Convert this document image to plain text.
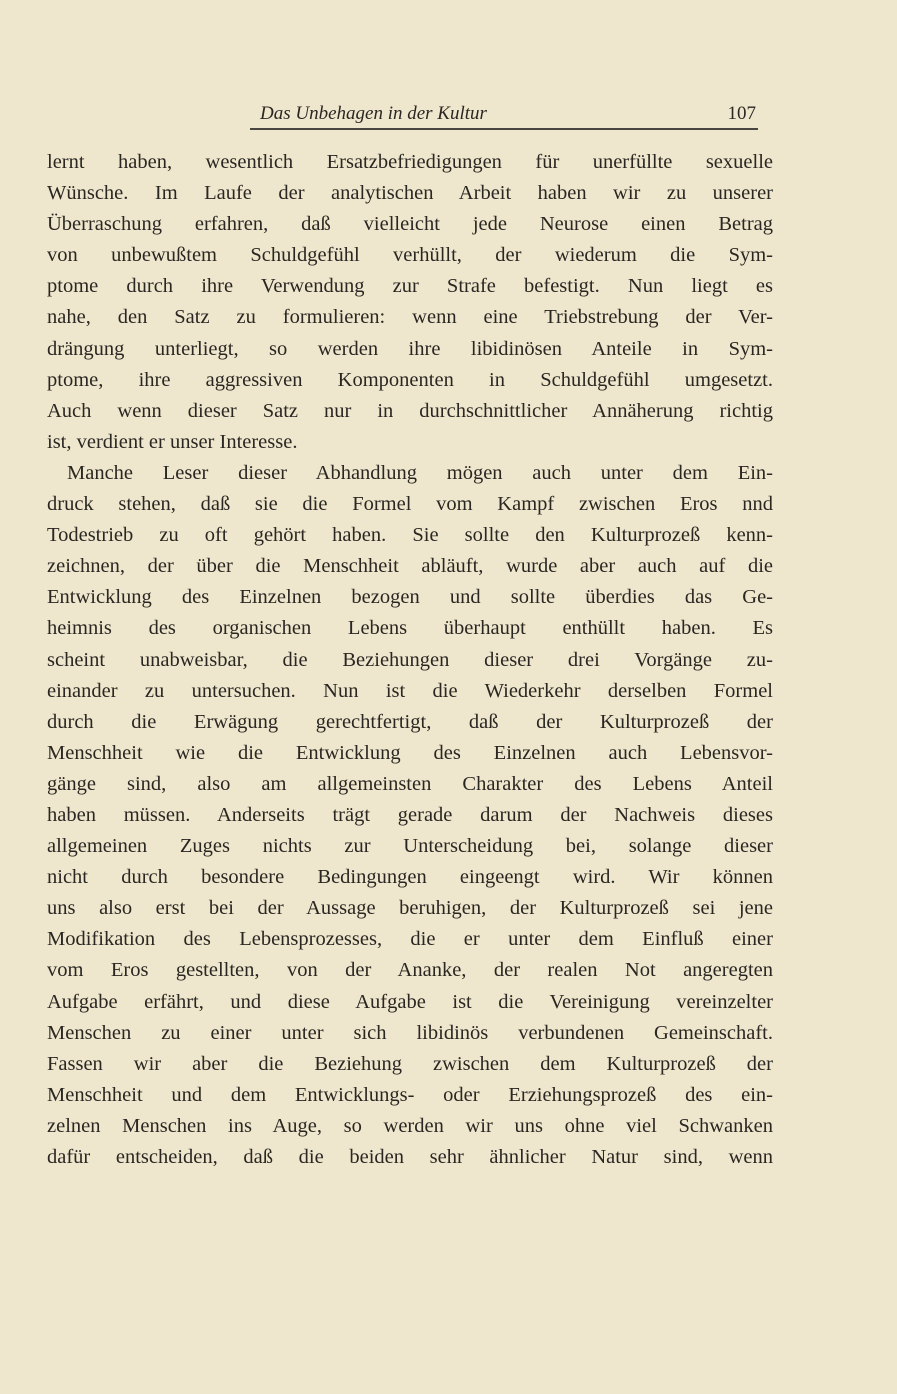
Das Unbehagen in der Kultur	107
lernt haben, wesentlich Ersatzbefriedigungen für unerfüllte sexuelle
Wünsche. Im Laufe der analytischen Arbeit haben wir zu unserer
Überraschung erfahren, daß vielleicht jede Neurose einen Betrag
von unbewußtem Schuldgefühl verhüllt, der wiederum die Sym-
ptome durch ihre Verwendung zur Strafe befestigt. Nun liegt es
nahe, den Satz zu formulieren: wenn eine Triebstrebung der Ver-
drängung unterliegt, so werden ihre libidinösen Anteile in Sym-
ptome, ihre aggressiven Komponenten in Schuldgefühl umgesetzt.
Auch wenn dieser Satz nur in durchschnittlicher Annäherung richtig
ist, verdient er unser Interesse.
Manche Leser dieser Abhandlung mögen auch unter dem Ein-
druck stehen, daß sie die Formel vom Kampf zwischen Eros nnd
Todestrieb zu oft gehört haben. Sie sollte den Kulturprozeß kenn-
zeichnen, der über die Menschheit abläuft, wurde aber auch auf die
Entwicklung des Einzelnen bezogen und sollte überdies das Ge-
heimnis des organischen Lebens überhaupt enthüllt haben. Es
scheint unabweisbar, die Beziehungen dieser drei Vorgänge zu-
einander zu untersuchen. Nun ist die Wiederkehr derselben Formel
durch die Erwägung gerechtfertigt, daß der Kulturprozeß der
Menschheit wie die Entwicklung des Einzelnen auch Lebensvor-
gänge sind, also am allgemeinsten Charakter des Lebens Anteil
haben müssen. Anderseits trägt gerade darum der Nachweis dieses
allgemeinen Zuges nichts zur Unterscheidung bei, solange dieser
nicht durch besondere Bedingungen eingeengt wird. Wir können
uns also erst bei der Aussage beruhigen, der Kulturprozeß sei jene
Modifikation des Lebensprozesses, die er unter dem Einfluß einer
vom Eros gestellten, von der Ananke, der realen Not angeregten
Aufgabe erfährt, und diese Aufgabe ist die Vereinigung vereinzelter
Menschen zu einer unter sich libidinös verbundenen Gemeinschaft.
Fassen wir aber die Beziehung zwischen dem Kulturprozeß der
Menschheit und dem Entwicklungs- oder Erziehungsprozeß des ein-
zelnen Menschen ins Auge, so werden wir uns ohne viel Schwanken
dafür entscheiden, daß die beiden sehr ähnlicher Natur sind, wenn
